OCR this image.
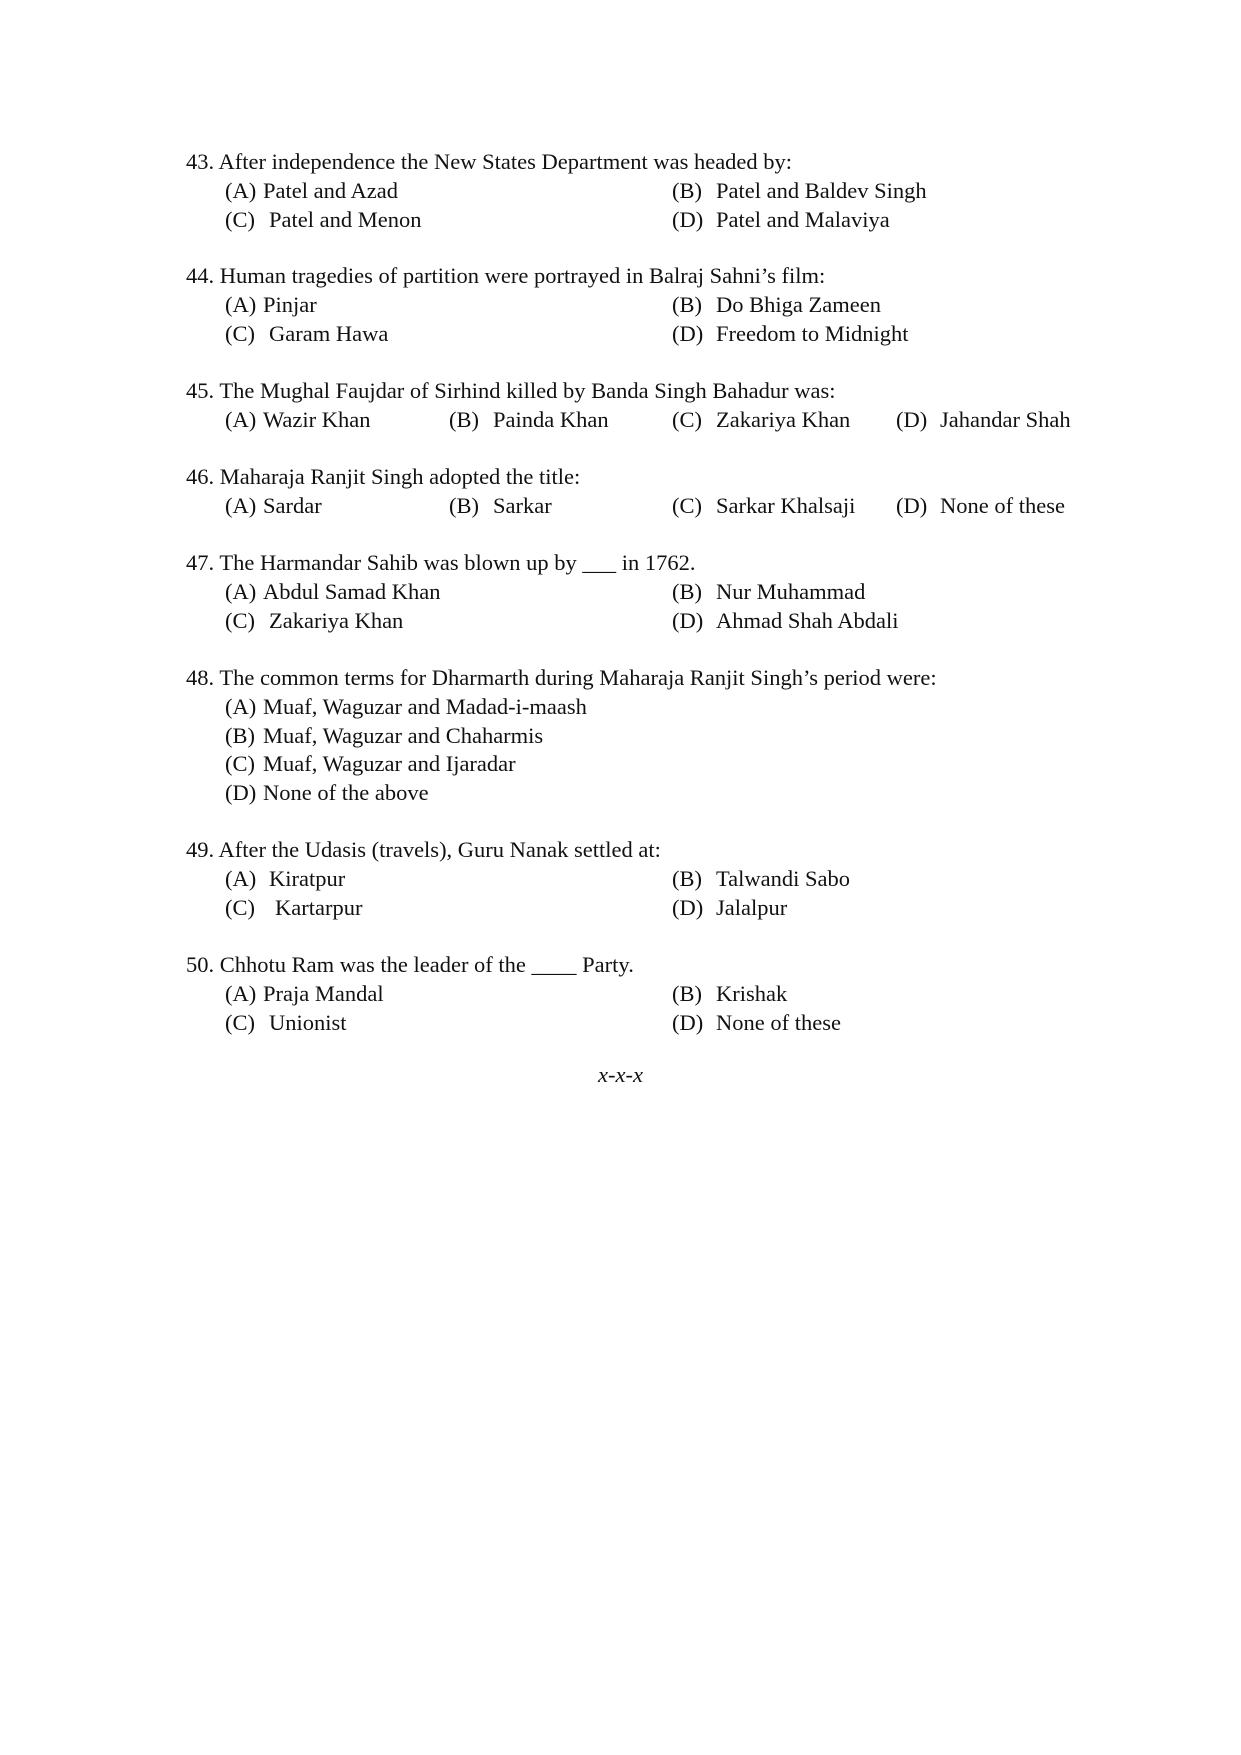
43. After independence the New States Department was headed by:
(A) Patel and Azad	(B) Patel and Baldev Singh
(C) Patel and Menon	(D) Patel and Malaviya
44. Human tragedies of partition were portrayed in Balraj Sahni’s film:
(A) Pinjar	(B) Do Bhiga Zameen
(C) Garam Hawa	(D) Freedom to Midnight
45. The Mughal Faujdar of Sirhind killed by Banda Singh Bahadur was:
(A) Wazir Khan	(B) Painda Khan	(C) Zakariya Khan (D) Jahandar Shah
46. Maharaja Ranjit Singh adopted the title:
(A) Sardar	(B) Sarkar	(C) Sarkar Khalsaji (D) None of these
47. The Harmandar Sahib was blown up by ___ in 1762.
(A) Abdul Samad Khan	(B) Nur Muhammad
(C) Zakariya Khan	(D) Ahmad Shah Abdali
48. The common terms for Dharmarth during Maharaja Ranjit Singh’s period were:
(A) Muaf, Waguzar and Madad-i-maash
(B) Muaf, Waguzar and Chaharmis
(C) Muaf, Waguzar and Ijaradar
(D) None of the above
49. After the Udasis (travels), Guru Nanak settled at:
(A) Kiratpur	(B) Talwandi Sabo
(C) Kartarpur	(D) Jalalpur
50. Chhotu Ram was the leader of the ____ Party.
(A) Praja Mandal	(B) Krishak
(C) Unionist	(D) None of these
x-x-x
